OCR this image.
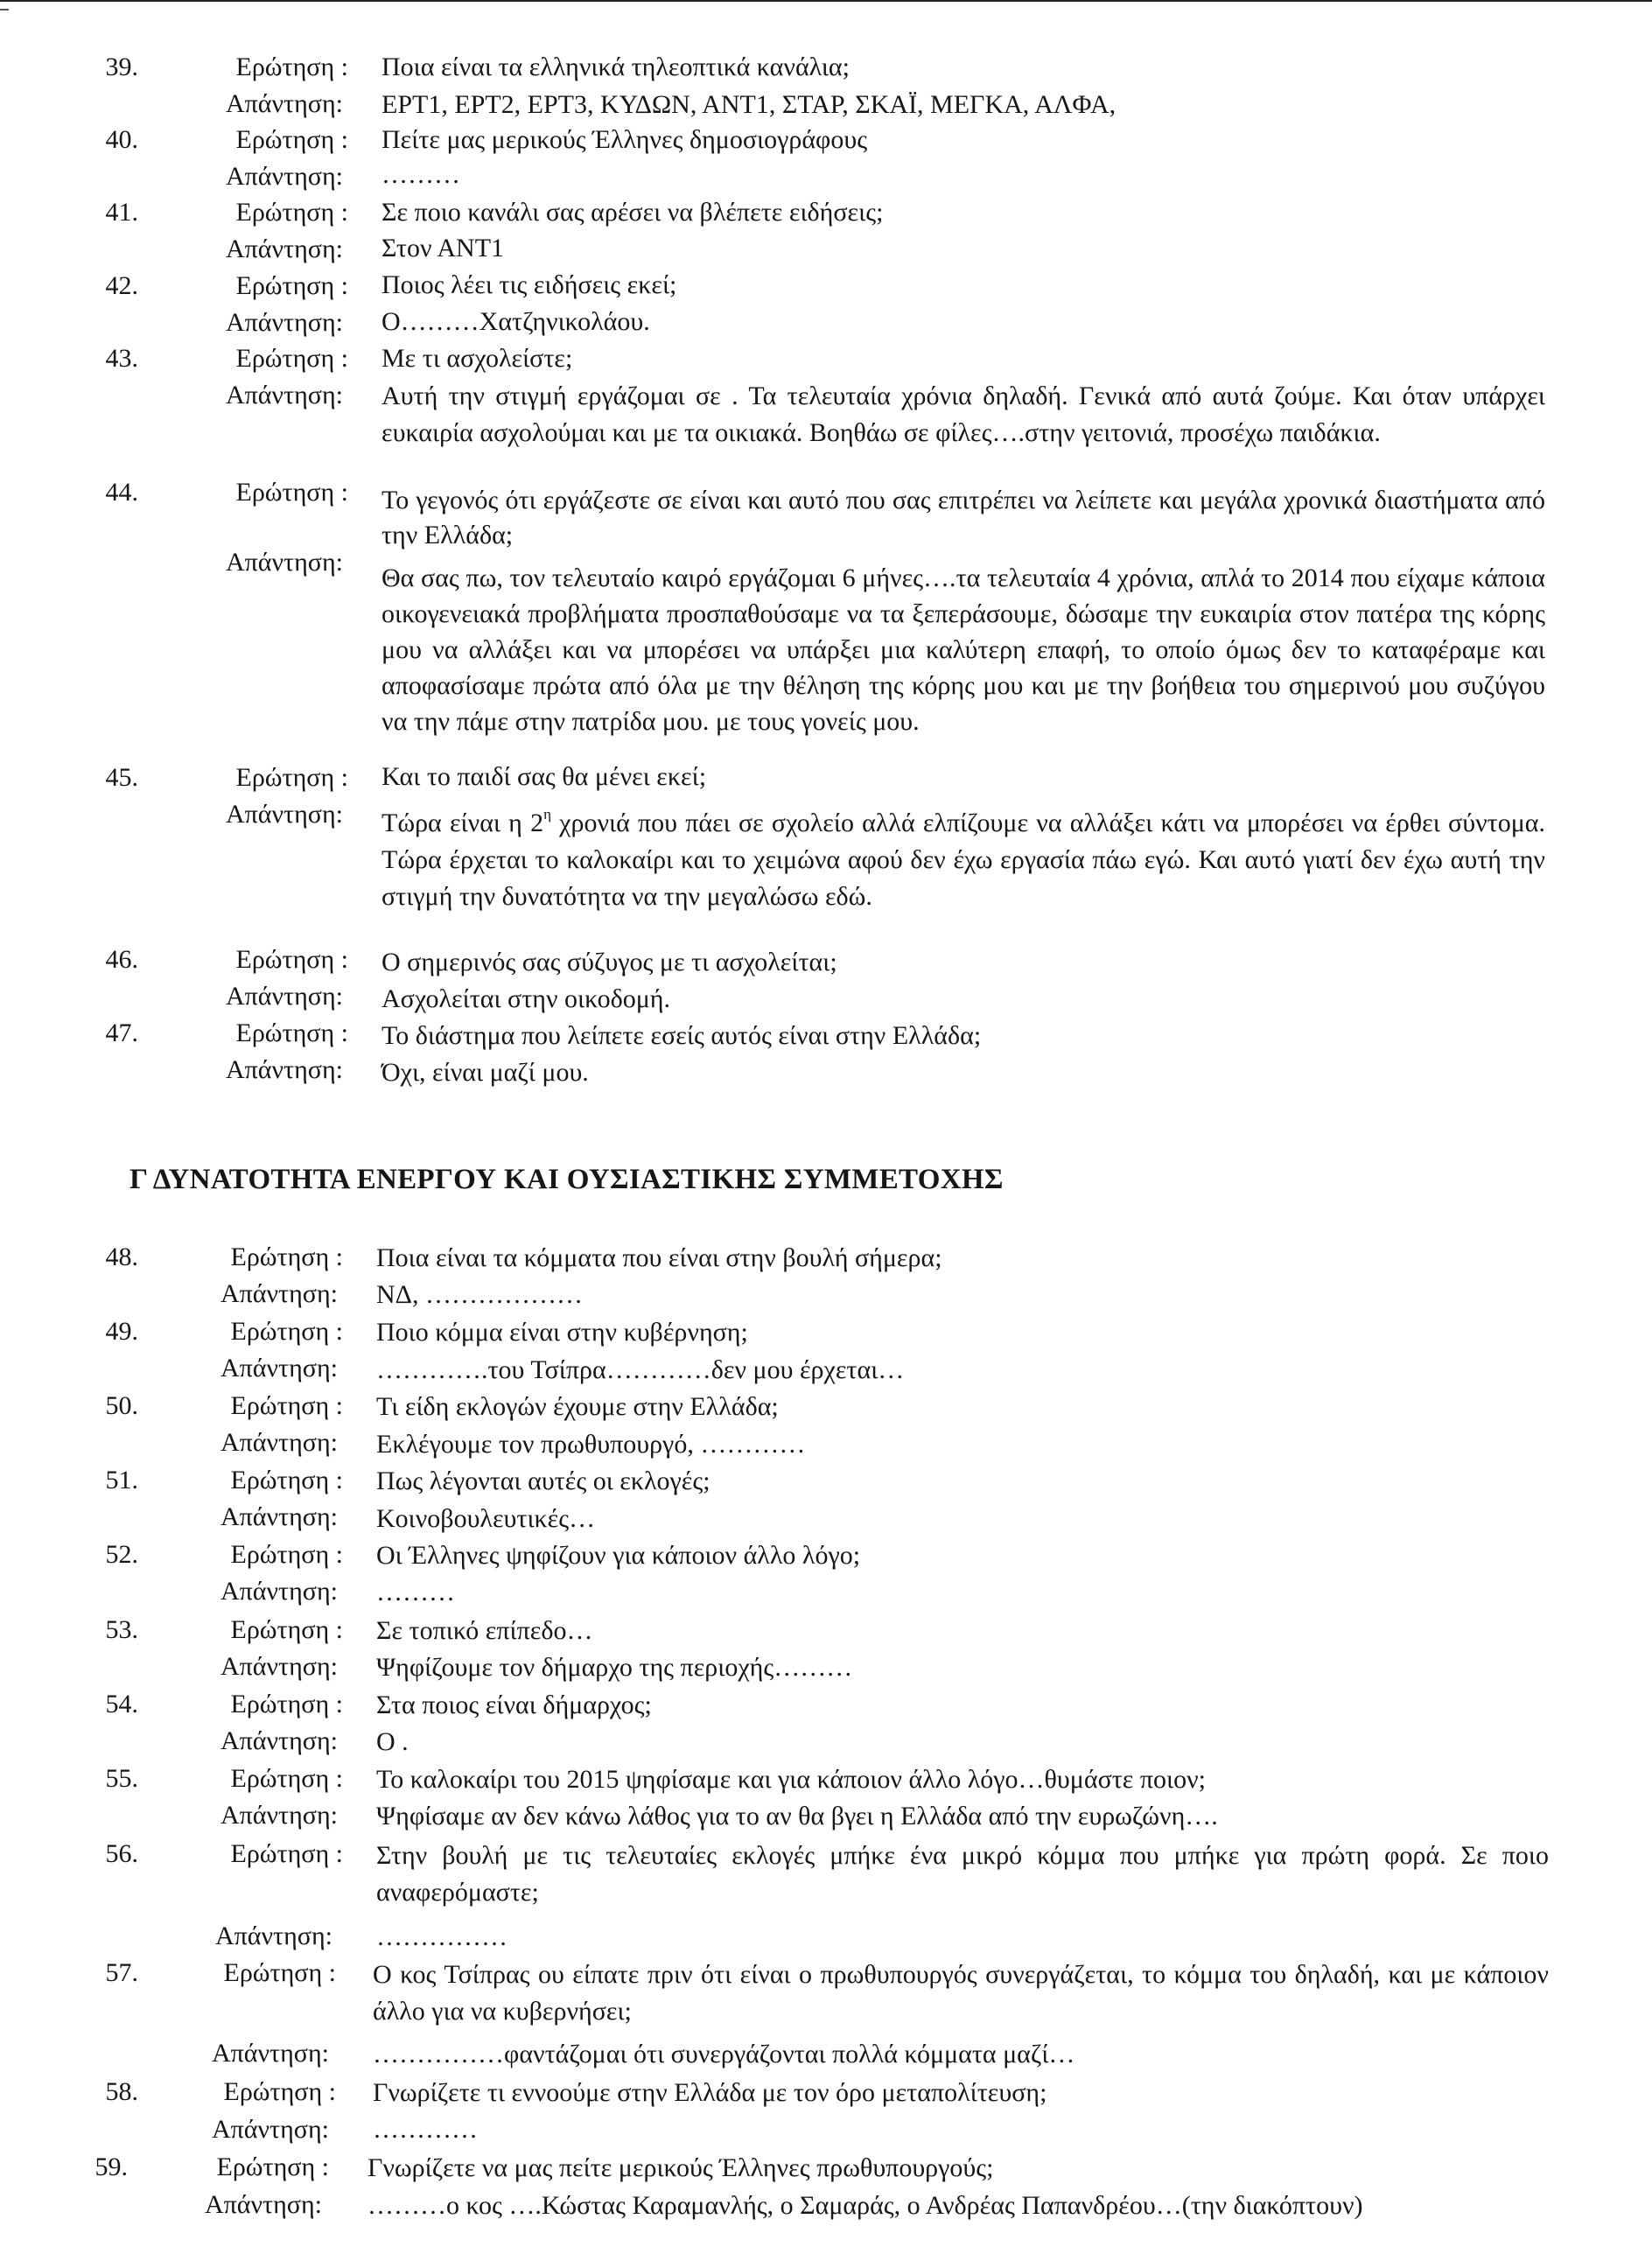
39.	Ερώτηση : Ποια είναι τα ελληνικά τηλεοπτικά κανάλια;
Απάντηση: ΕΡΤ1, ΕΡΤ2, ΕΡΤ3, ΚΥΔΩΝ, ΑΝΤ1, ΣΤΑΡ, ΣΚΑΪ, ΜΕΓΚΑ, ΑΛΦΑ,
40.	Ερώτηση : Πείτε μας μερικούς Έλληνες δημοσιογράφους
Απάντηση: ………
41.	Ερώτηση : Σε ποιο κανάλι σας αρέσει να βλέπετε ειδήσεις;
Απάντηση: Στον ΑΝΤ1
42.	Ερώτηση : Ποιος λέει τις ειδήσεις εκεί;
Απάντηση: Ο………Χατζηνικολάου.
43.	Ερώτηση : Με τι ασχολείστε;
Απάντηση: Αυτή την στιγμή εργάζομαι σε . Τα τελευταία χρόνια δηλαδή. Γενικά από αυτά ζούμε. Και όταν υπάρχει ευκαιρία ασχολούμαι και με τα οικιακά. Βοηθάω σε φίλες….στην γειτονιά, προσέχω παιδάκια.
44.	Ερώτηση : Το γεγονός ότι εργάζεστε σε είναι και αυτό που σας επιτρέπει να λείπετε και μεγάλα χρονικά διαστήματα από την Ελλάδα;
Απάντηση:
Θα σας πω, τον τελευταίο καιρό εργάζομαι 6 μήνες….τα τελευταία 4 χρόνια, απλά το 2014 που είχαμε κάποια οικογενειακά προβλήματα προσπαθούσαμε να τα ξεπεράσουμε, δώσαμε την ευκαιρία στον πατέρα της κόρης μου να αλλάξει και να μπορέσει να υπάρξει μια καλύτερη επαφή, το οποίο όμως δεν το καταφέραμε και αποφασίσαμε πρώτα από όλα με την θέληση της κόρης μου και με την βοήθεια του σημερινού μου συζύγου να την πάμε στην πατρίδα μου. με τους γονείς μου.
45.	Ερώτηση : Και το παιδί σας θα μένει εκεί;
Απάντηση: Τώρα είναι η $2^\eta$ χρονιά που πάει σε σχολείο αλλά ελπίζουμε να αλλάξει κάτι να μπορέσει να έρθει σύντομα. Τώρα έρχεται το καλοκαίρι και το χειμώνα αφού δεν έχω εργασία πάω εγώ. Και αυτό γιατί δεν έχω αυτή την στιγμή την δυνατότητα να την μεγαλώσω εδώ.
46.	Ερώτηση : Ο σημερινός σας σύζυγος με τι ασχολείται;
Απάντηση: Ασχολείται στην οικοδομή.
47.	Ερώτηση : Το διάστημα που λείπετε εσείς αυτός είναι στην Ελλάδα;
Απάντηση: Όχι, είναι μαζί μου.
Γ ΔΥΝΑΤΟΤΗΤΑ ΕΝΕΡΓΟΥ ΚΑΙ ΟΥΣΙΑΣΤΙΚΗΣ ΣΥΜΜΕΤΟΧΗΣ
48.	Ερώτηση : Ποια είναι τα κόμματα που είναι στην βουλή σήμερα;
Απάντηση: ΝΔ, ………………
49.	Ερώτηση : Ποιο κόμμα είναι στην κυβέρνηση;
Απάντηση: ………….του Τσίπρα…………δεν μου έρχεται…
50.	Ερώτηση : Τι είδη εκλογών έχουμε στην Ελλάδα;
Απάντηση: Εκλέγουμε τον πρωθυπουργό, …………
51.	Ερώτηση : Πως λέγονται αυτές οι εκλογές;
Απάντηση: Κοινοβουλευτικές…
52.	Ερώτηση : Οι Έλληνες ψηφίζουν για κάποιον άλλο λόγο;
Απάντηση: ………
53.	Ερώτηση : Σε τοπικό επίπεδο…
Απάντηση: Ψηφίζουμε τον δήμαρχο της περιοχής………
54.	Ερώτηση : Στα ποιος είναι δήμαρχος;
Απάντηση: Ο .
55.	Ερώτηση : Το καλοκαίρι του 2015 ψηφίσαμε και για κάποιον άλλο λόγο…θυμάστε ποιον;
Απάντηση: Ψηφίσαμε αν δεν κάνω λάθος για το αν θα βγει η Ελλάδα από την ευρωζώνη….
56.	Ερώτηση : Στην βουλή με τις τελευταίες εκλογές μπήκε ένα μικρό κόμμα που μπήκε για πρώτη φορά. Σε ποιο αναφερόμαστε;
Απάντηση: ……………
57.	Ερώτηση : Ο κος Τσίπρας ου είπατε πριν ότι είναι ο πρωθυπουργός συνεργάζεται, το κόμμα του δηλαδή, και με κάποιον άλλο για να κυβερνήσει;
Απάντηση: ……………φαντάζομαι ότι συνεργάζονται πολλά κόμματα μαζί…
58.	Ερώτηση : Γνωρίζετε τι εννοούμε στην Ελλάδα με τον όρο μεταπολίτευση;
Απάντηση: …………
59.	Ερώτηση : Γνωρίζετε να μας πείτε μερικούς Έλληνες πρωθυπουργούς;
Απάντηση: ………ο κος ….Κώστας Καραμανλής, ο Σαμαράς, ο Ανδρέας Παπανδρέου…(την διακόπτουν)
